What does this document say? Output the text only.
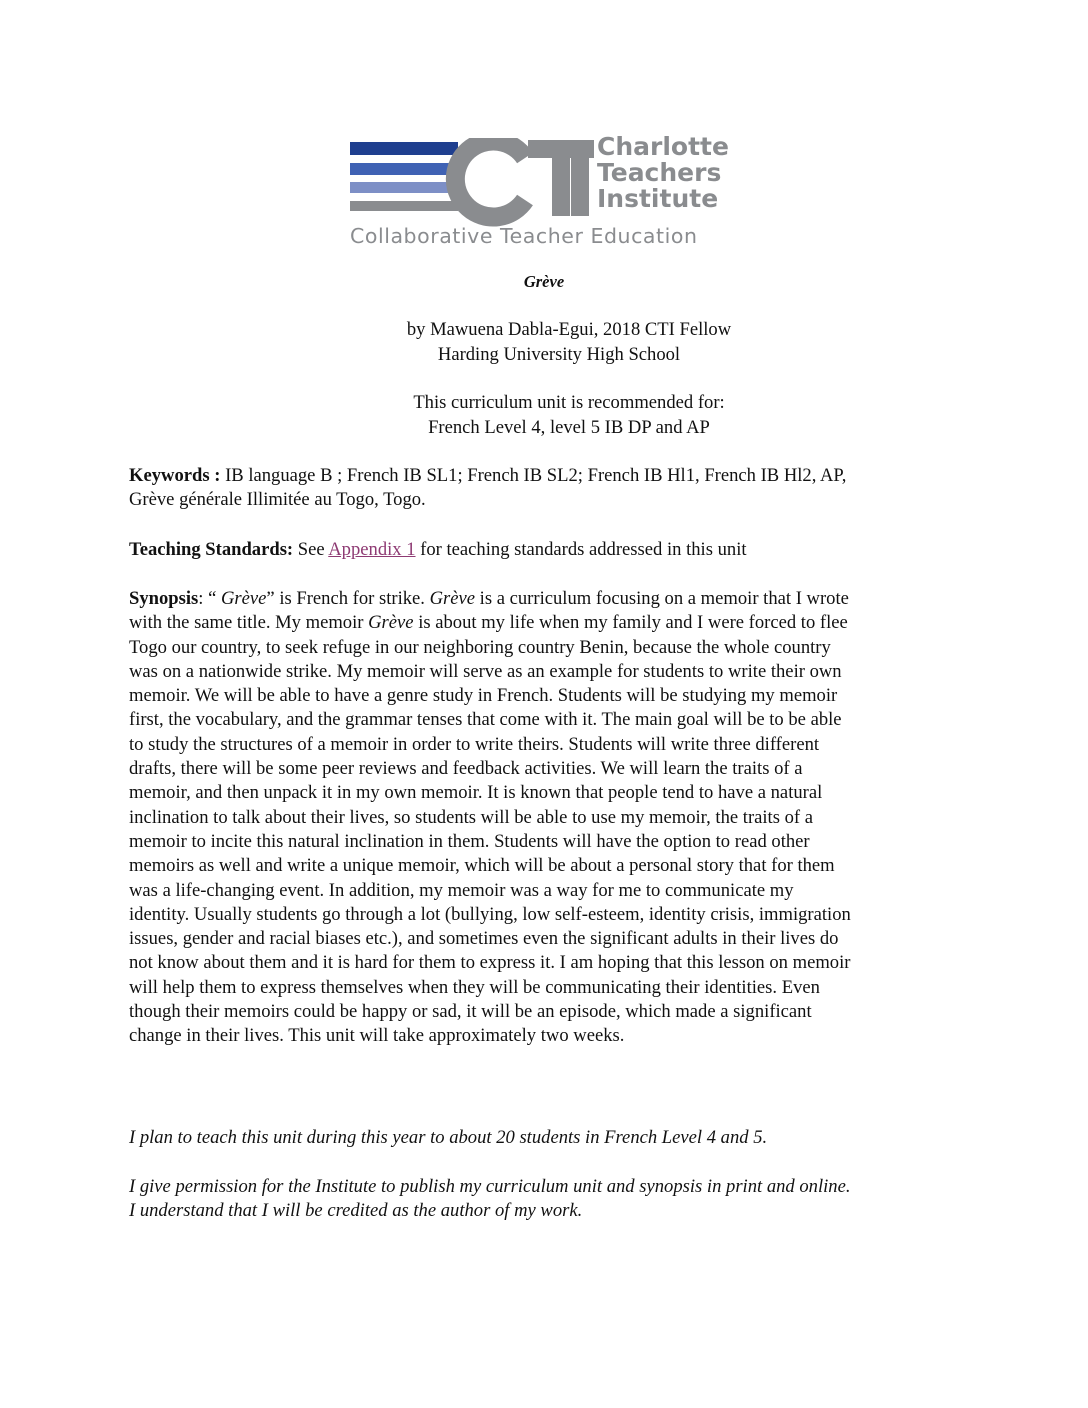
Charlotte
Teachers
Institute
Collaborative Teacher Education
Grève
by Mawuena Dabla-Egui, 2018 CTI Fellow
Harding University High School
This curriculum unit is recommended for:
French Level 4, level 5 IB DP and AP
Keywords : IB language B ; French IB SL1; French IB SL2; French IB Hl1, French IB Hl2, AP,
Grève générale Illimitée au Togo, Togo.
Teaching Standards: See Appendix 1 for teaching standards addressed in this unit
Synopsis: “ Grève” is French for strike. Grève is a curriculum focusing on a memoir that I wrote
with the same title. My memoir Grève is about my life when my family and I were forced to flee
Togo our country, to seek refuge in our neighboring country Benin, because the whole country
was on a nationwide strike. My memoir will serve as an example for students to write their own
memoir. We will be able to have a genre study in French. Students will be studying my memoir
first, the vocabulary, and the grammar tenses that come with it. The main goal will be to be able
to study the structures of a memoir in order to write theirs. Students will write three different
drafts, there will be some peer reviews and feedback activities. We will learn the traits of a
memoir, and then unpack it in my own memoir. It is known that people tend to have a natural
inclination to talk about their lives, so students will be able to use my memoir, the traits of a
memoir to incite this natural inclination in them. Students will have the option to read other
memoirs as well and write a unique memoir, which will be about a personal story that for them
was a life-changing event. In addition, my memoir was a way for me to communicate my
identity. Usually students go through a lot (bullying, low self-esteem, identity crisis, immigration
issues, gender and racial biases etc.), and sometimes even the significant adults in their lives do
not know about them and it is hard for them to express it. I am hoping that this lesson on memoir
will help them to express themselves when they will be communicating their identities. Even
though their memoirs could be happy or sad, it will be an episode, which made a significant
change in their lives. This unit will take approximately two weeks.
I plan to teach this unit during this year to about 20 students in French Level 4 and 5.
I give permission for the Institute to publish my curriculum unit and synopsis in print and online.
I understand that I will be credited as the author of my work.
